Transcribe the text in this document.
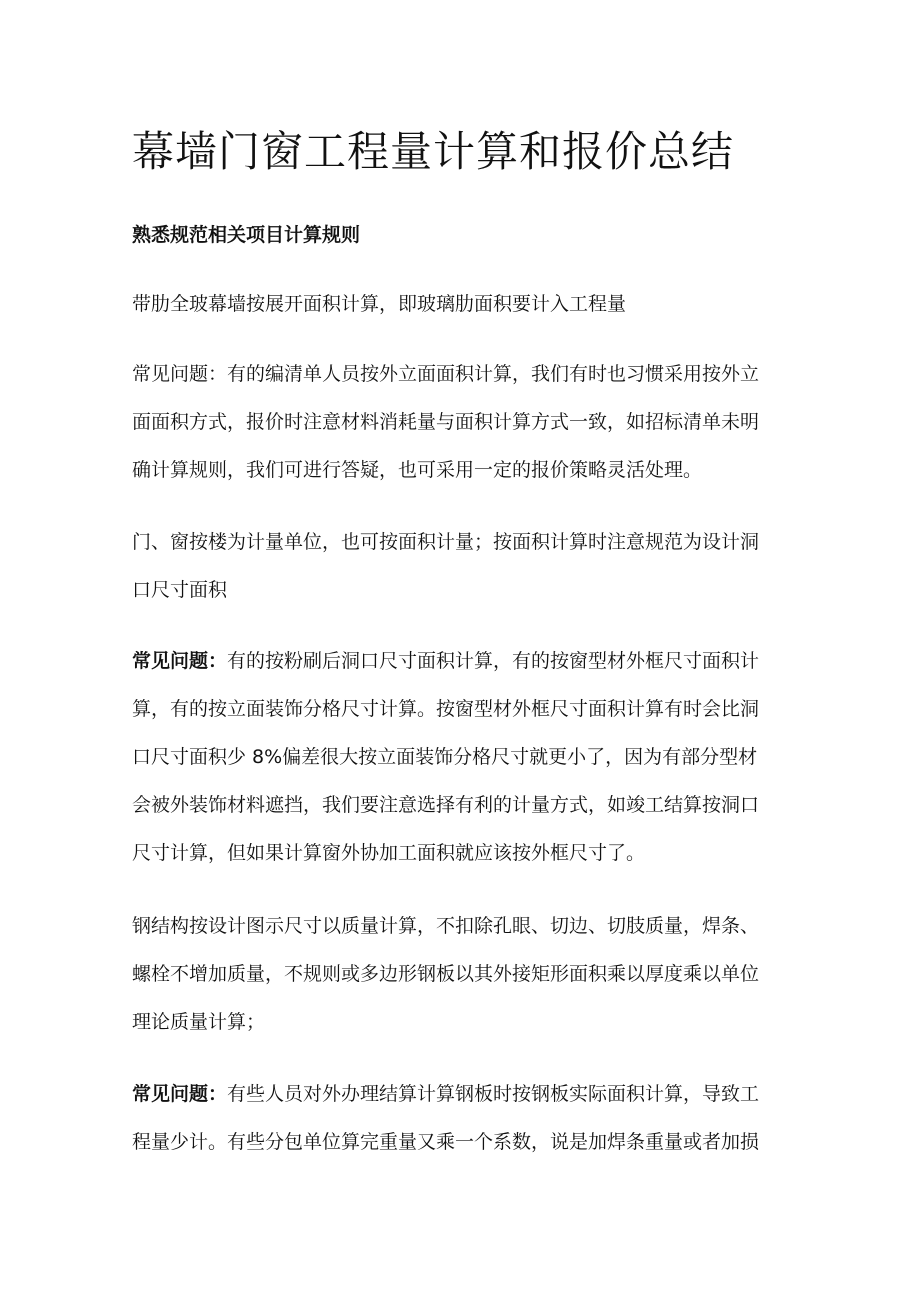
幕墙门窗工程量计算和报价总结
熟悉规范相关项目计算规则

带肋全玻幕墙按展开面积计算，即玻璃肋面积要计入工程量

常见问题：有的编清单人员按外立面面积计算，我们有时也习惯采用按外立
面面积方式，报价时注意材料消耗量与面积计算方式一致，如招标清单未明
确计算规则，我们可进行答疑，也可采用一定的报价策略灵活处理。

门、窗按楼为计量单位，也可按面积计量；按面积计算时注意规范为设计洞
口尺寸面积

常见问题：有的按粉刷后洞口尺寸面积计算，有的按窗型材外框尺寸面积计
算，有的按立面装饰分格尺寸计算。按窗型材外框尺寸面积计算有时会比洞
口尺寸面积少 8%偏差很大按立面装饰分格尺寸就更小了，因为有部分型材
会被外装饰材料遮挡，我们要注意选择有利的计量方式，如竣工结算按洞口
尺寸计算，但如果计算窗外协加工面积就应该按外框尺寸了。

钢结构按设计图示尺寸以质量计算，不扣除孔眼、切边、切肢质量，焊条、
螺栓不增加质量，不规则或多边形钢板以其外接矩形面积乘以厚度乘以单位
理论质量计算；

常见问题：有些人员对外办理结算计算钢板时按钢板实际面积计算，导致工
程量少计。有些分包单位算完重量又乘一个系数，说是加焊条重量或者加损
